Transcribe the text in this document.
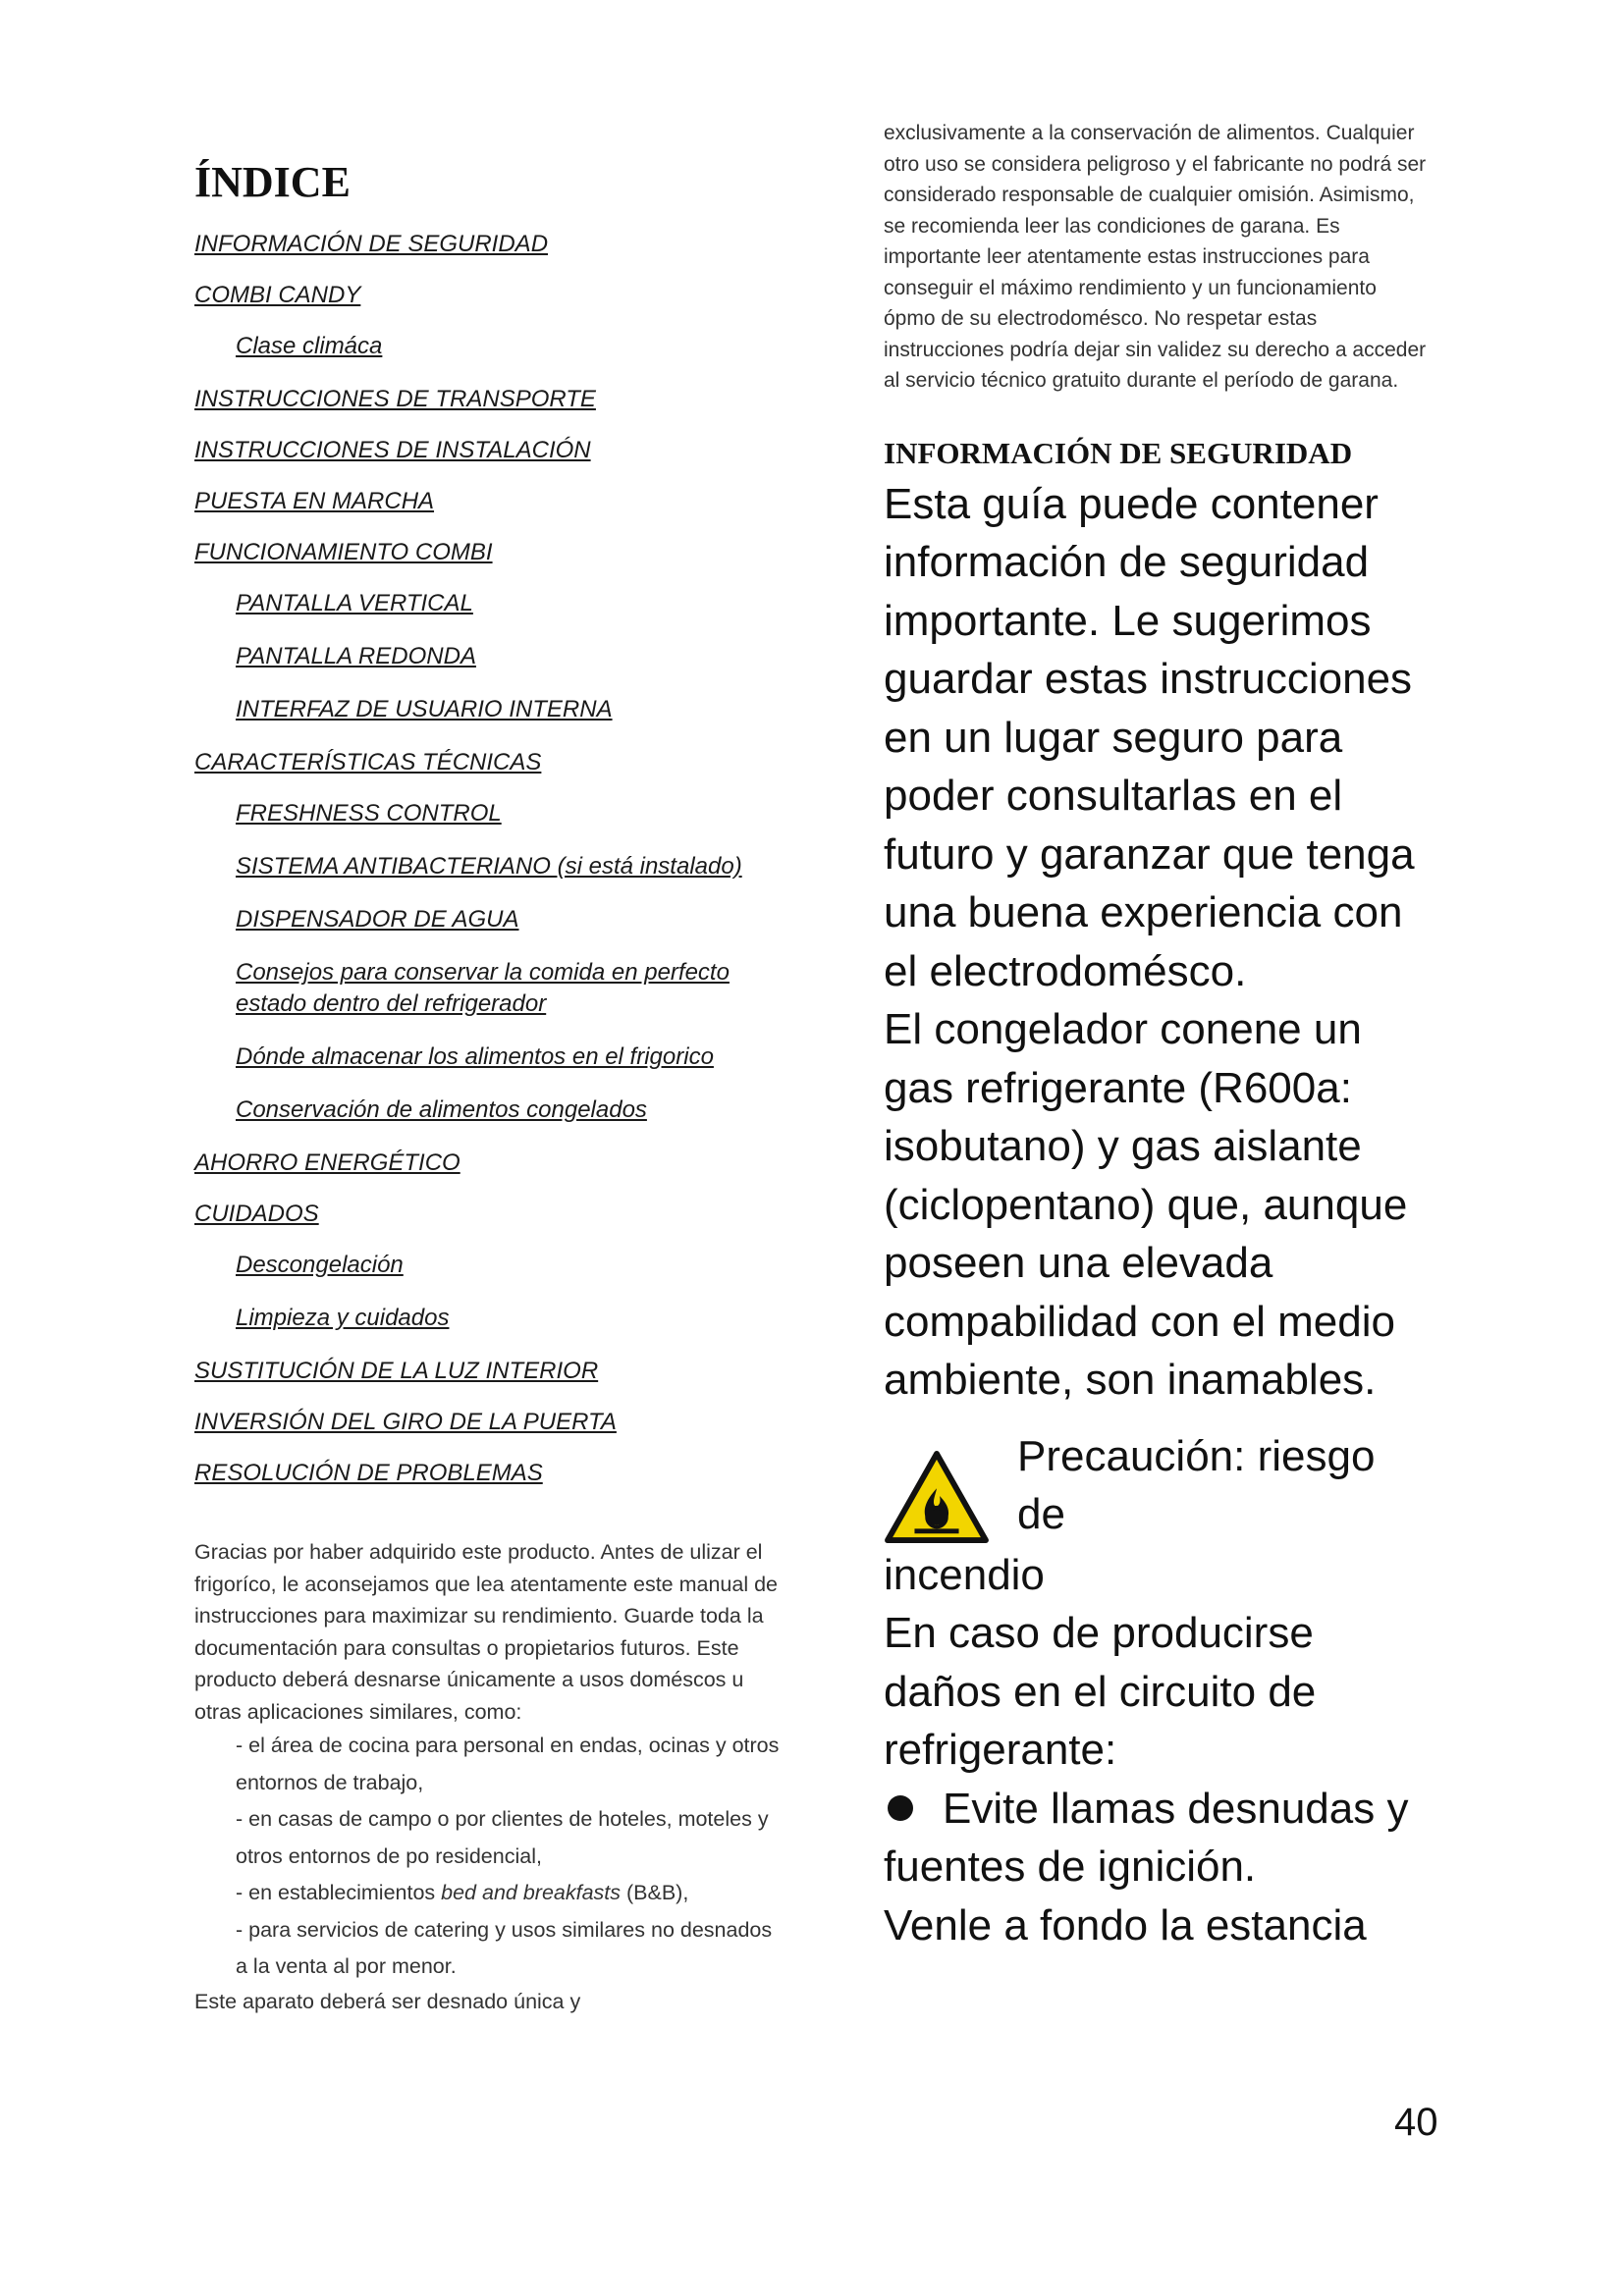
ÍNDICE
INFORMACIÓN DE SEGURIDAD
COMBI CANDY
Clase climáca
INSTRUCCIONES DE TRANSPORTE
INSTRUCCIONES DE INSTALACIÓN
PUESTA EN MARCHA
FUNCIONAMIENTO COMBI
PANTALLA VERTICAL
PANTALLA REDONDA
INTERFAZ DE USUARIO INTERNA
CARACTERÍSTICAS TÉCNICAS
FRESHNESS CONTROL
SISTEMA ANTIBACTERIANO (si está instalado)
DISPENSADOR DE AGUA
Consejos para conservar la comida en perfecto estado dentro del refrigerador
Dónde almacenar los alimentos en el frigorico
Conservación de alimentos congelados
AHORRO ENERGÉTICO
CUIDADOS
Descongelación
Limpieza y cuidados
SUSTITUCIÓN DE LA LUZ INTERIOR
INVERSIÓN DEL GIRO DE LA PUERTA
RESOLUCIÓN DE PROBLEMAS

Gracias por haber adquirido este producto. Antes de ulizar el frigoríco, le aconsejamos que lea atentamente este manual de instrucciones para maximizar su rendimiento. Guarde toda la documentación para consultas o propietarios futuros. Este producto deberá desnarse únicamente a usos doméscos u otras aplicaciones similares, como:

- el área de cocina para personal en endas, ocinas y otros entornos de trabajo,
- en casas de campo o por clientes de hoteles, moteles y otros entornos de po residencial,
- en establecimientos bed and breakfasts (B&B),
- para servicios de catering y usos similares no desnados a la venta al por menor.

Este aparato deberá ser desnado única y

exclusivamente a la conservación de alimentos. Cualquier otro uso se considera peligroso y el fabricante no podrá ser considerado responsable de cualquier omisión. Asimismo, se recomienda leer las condiciones de garana. Es importante leer atentamente estas instrucciones para conseguir el máximo rendimiento y un funcionamiento ópmo de su electrodomésco. No respetar estas instrucciones podría dejar sin validez su derecho a acceder al servicio técnico gratuito durante el período de garana.

INFORMACIÓN DE SEGURIDAD

Esta guía puede contener información de seguridad importante. Le sugerimos guardar estas instrucciones en un lugar seguro para poder consultarlas en el futuro y garanzar que tenga una buena experiencia con el electrodomésco.

El congelador conene un gas refrigerante (R600a: isobutano) y gas aislante (ciclopentano) que, aunque poseen una elevada compabilidad con el medio ambiente, son inamables.

Precaución: riesgo de

incendio

En caso de producirse daños en el circuito de refrigerante:

Evite llamas desnudas y fuentes de ignición.

Venle a fondo la estancia

40
